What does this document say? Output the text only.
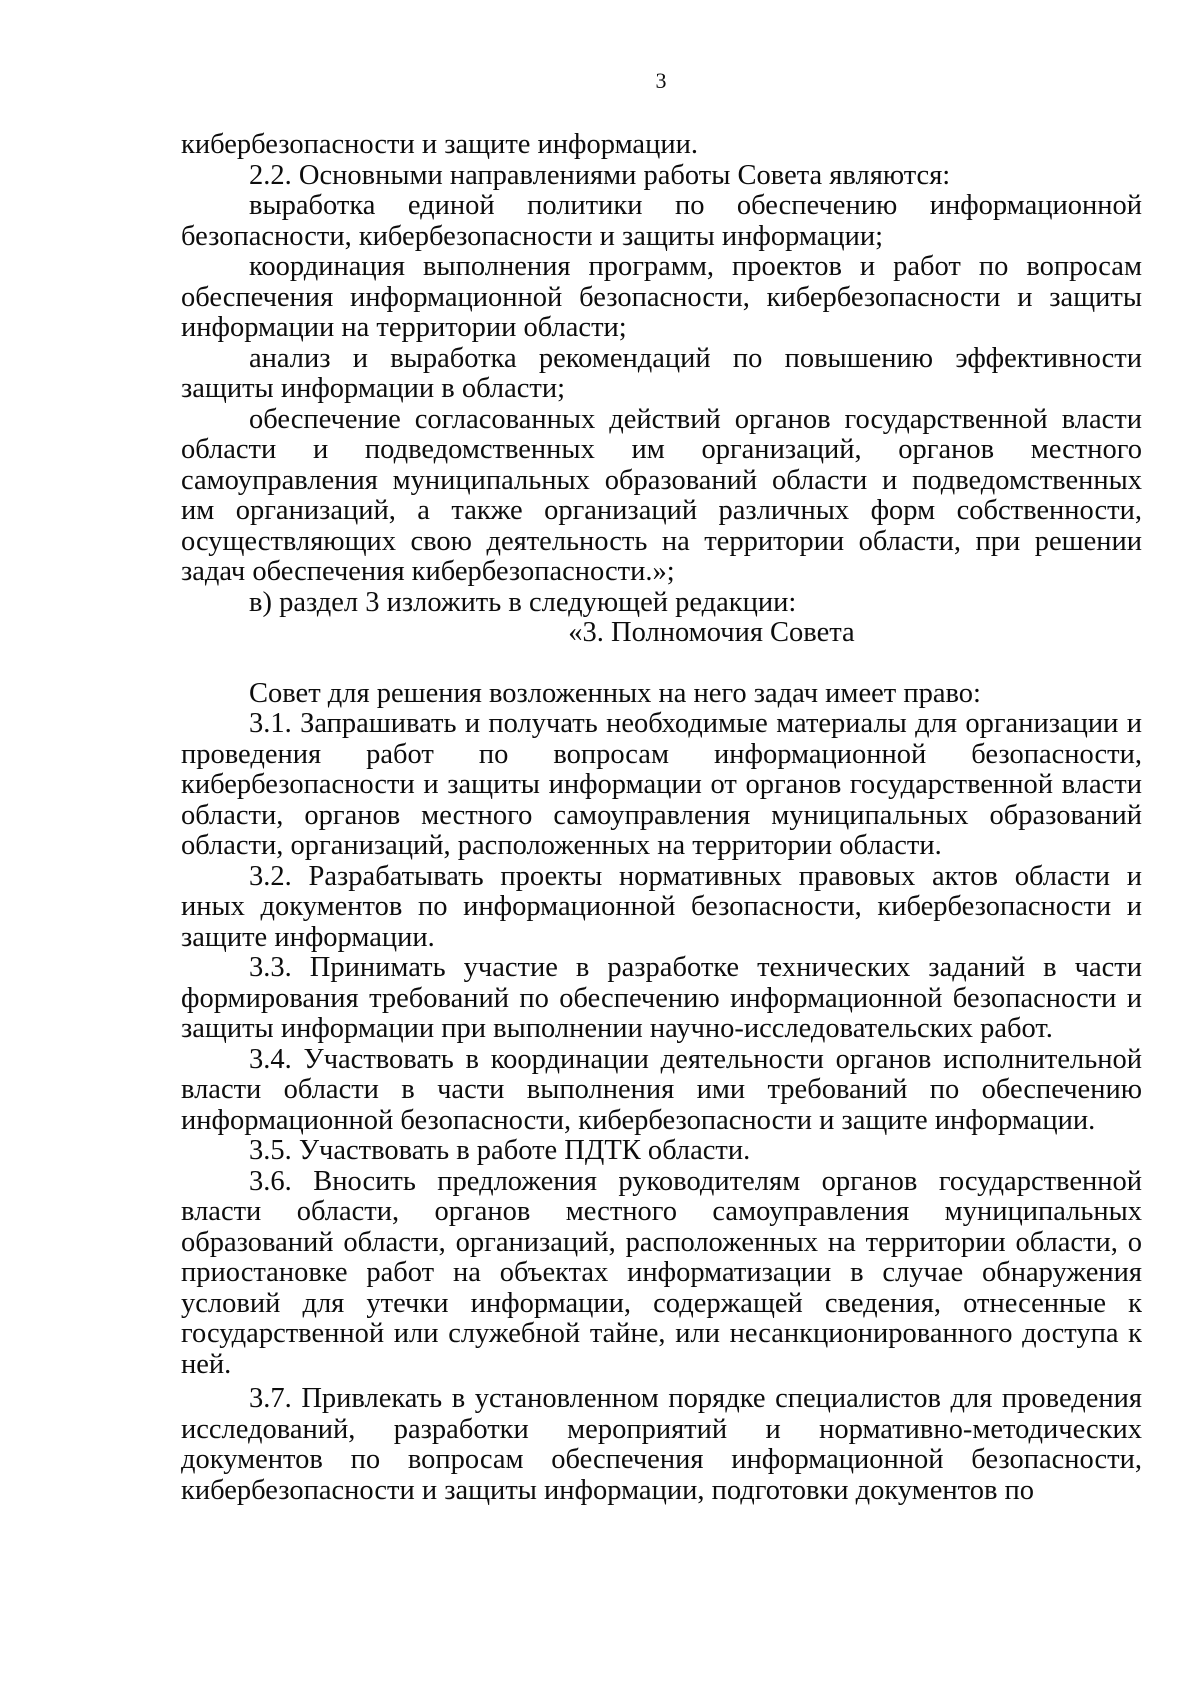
3

кибербезопасности и защите информации.

2.2. Основными направлениями работы Совета являются:

выработка единой политики по обеспечению информационной безопасности, кибербезопасности и защиты информации;

координация выполнения программ, проектов и работ по вопросам обеспечения информационной безопасности, кибербезопасности и защиты информации на территории области;

анализ и выработка рекомендаций по повышению эффективности защиты информации в области;

обеспечение согласованных действий органов государственной власти области и подведомственных им организаций, органов местного самоуправления муниципальных образований области и подведомственных им организаций, а также организаций различных форм собственности, осуществляющих свою деятельность на территории области, при решении задач обеспечения кибербезопасности.»;

в) раздел 3 изложить в следующей редакции:

«3. Полномочия Совета

Совет для решения возложенных на него задач имеет право:

3.1. Запрашивать и получать необходимые материалы для организации и проведения работ по вопросам информационной безопасности, кибербезопасности и защиты информации от органов государственной власти области, органов местного самоуправления муниципальных образований области, организаций, расположенных на территории области.

3.2. Разрабатывать проекты нормативных правовых актов области и иных документов по информационной безопасности, кибербезопасности и защите информации.

3.3. Принимать участие в разработке технических заданий в части формирования требований по обеспечению информационной безопасности и защиты информации при выполнении научно-исследовательских работ.

3.4. Участвовать в координации деятельности органов исполнительной власти области в части выполнения ими требований по обеспечению информационной безопасности, кибербезопасности и защите информации.

3.5. Участвовать в работе ПДТК области.

3.6. Вносить предложения руководителям органов государственной власти области, органов местного самоуправления муниципальных образований области, организаций, расположенных на территории области, о приостановке работ на объектах информатизации в случае обнаружения условий для утечки информации, содержащей сведения, отнесенные к государственной или служебной тайне, или несанкционированного доступа к ней.

3.7. Привлекать в установленном порядке специалистов для проведения исследований, разработки мероприятий и нормативно-методических документов по вопросам обеспечения информационной безопасности, кибербезопасности и защиты информации, подготовки документов по
